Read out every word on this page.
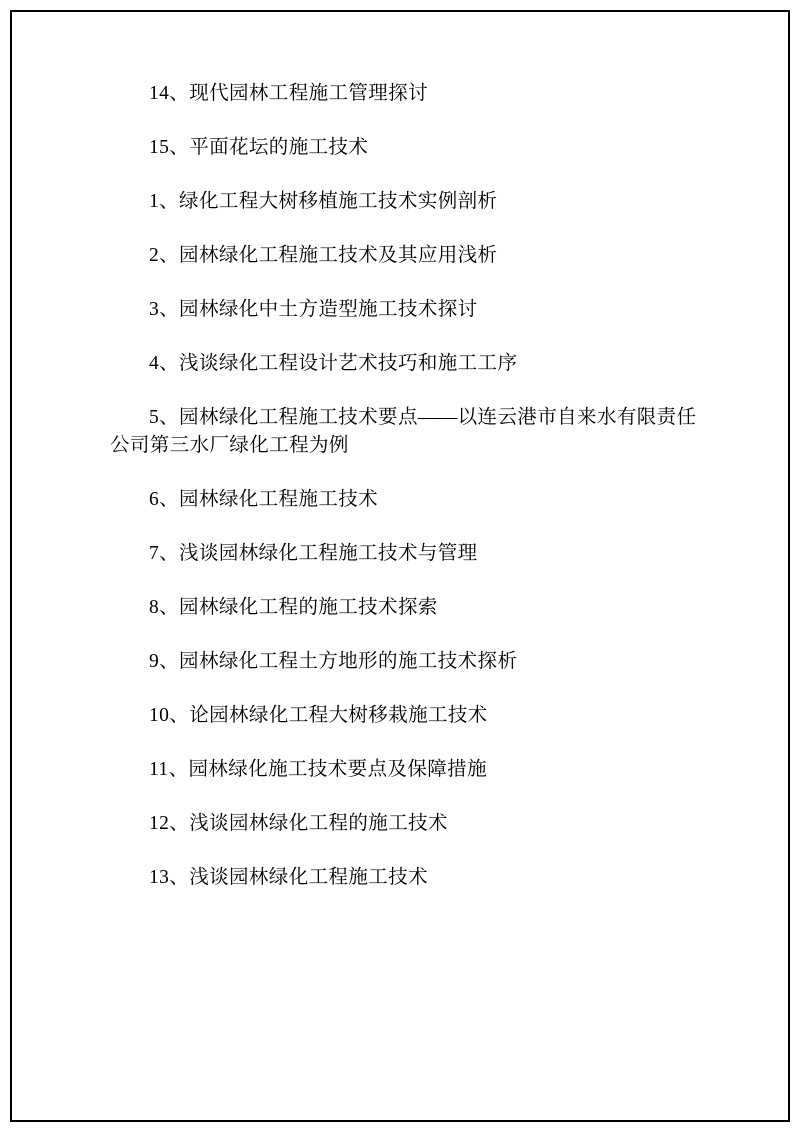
14、现代园林工程施工管理探讨

15、平面花坛的施工技术

1、绿化工程大树移植施工技术实例剖析

2、园林绿化工程施工技术及其应用浅析

3、园林绿化中土方造型施工技术探讨

4、浅谈绿化工程设计艺术技巧和施工工序

5、园林绿化工程施工技术要点——以连云港市自来水有限责任公司第三水厂绿化工程为例

6、园林绿化工程施工技术

7、浅谈园林绿化工程施工技术与管理

8、园林绿化工程的施工技术探索

9、园林绿化工程土方地形的施工技术探析

10、论园林绿化工程大树移栽施工技术

11、园林绿化施工技术要点及保障措施

12、浅谈园林绿化工程的施工技术

13、浅谈园林绿化工程施工技术
